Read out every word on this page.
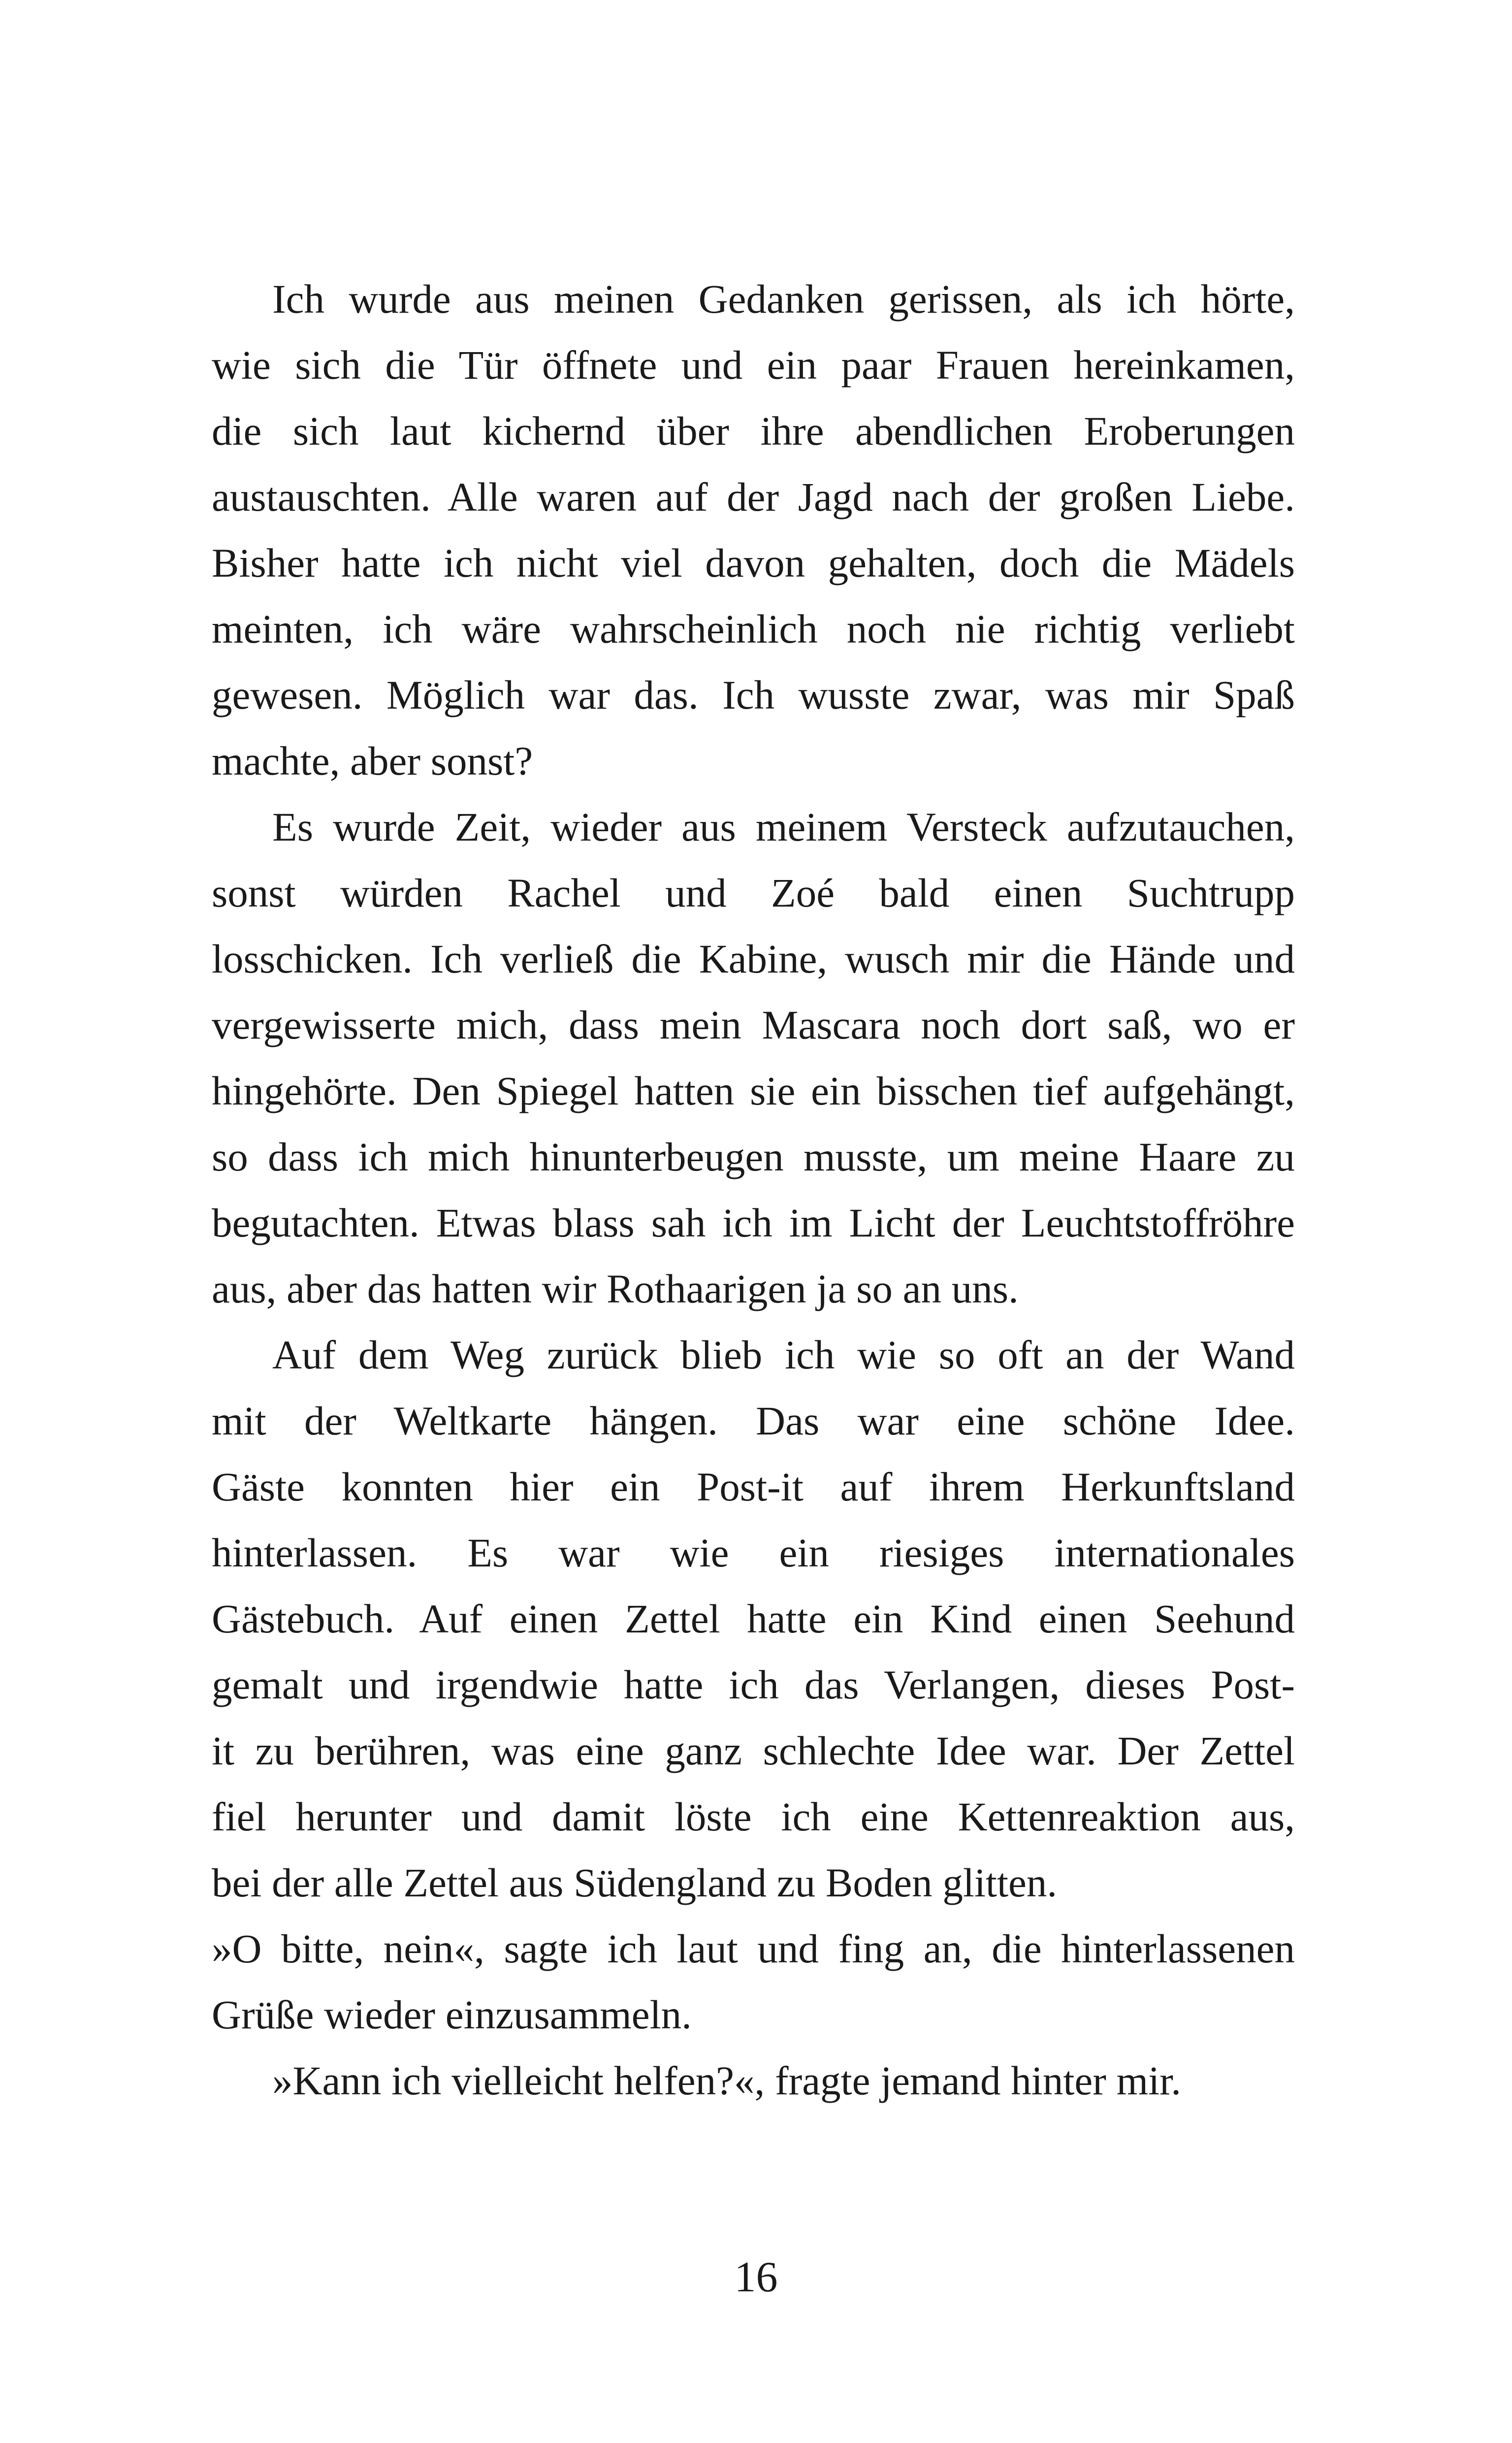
Ich wurde aus meinen Gedanken gerissen, als ich hörte,
wie sich die Tür öffnete und ein paar Frauen hereinkamen,
die sich laut kichernd über ihre abendlichen Eroberungen
austauschten. Alle waren auf der Jagd nach der großen Liebe.
Bisher hatte ich nicht viel davon gehalten, doch die Mädels
meinten, ich wäre wahrscheinlich noch nie richtig verliebt
gewesen. Möglich war das. Ich wusste zwar, was mir Spaß
machte, aber sonst?
Es wurde Zeit, wieder aus meinem Versteck aufzutauchen,
sonst würden Rachel und Zoé bald einen Suchtrupp
losschicken. Ich verließ die Kabine, wusch mir die Hände und
vergewisserte mich, dass mein Mascara noch dort saß, wo er
hingehörte. Den Spiegel hatten sie ein bisschen tief aufgehängt,
so dass ich mich hinunterbeugen musste, um meine Haare zu
begutachten. Etwas blass sah ich im Licht der Leuchtstoffröhre
aus, aber das hatten wir Rothaarigen ja so an uns.
Auf dem Weg zurück blieb ich wie so oft an der Wand
mit der Weltkarte hängen. Das war eine schöne Idee.
Gäste konnten hier ein Post-it auf ihrem Herkunftsland
hinterlassen. Es war wie ein riesiges internationales
Gästebuch. Auf einen Zettel hatte ein Kind einen Seehund
gemalt und irgendwie hatte ich das Verlangen, dieses Post-
it zu berühren, was eine ganz schlechte Idee war. Der Zettel
fiel herunter und damit löste ich eine Kettenreaktion aus,
bei der alle Zettel aus Südengland zu Boden glitten.
»O bitte, nein«, sagte ich laut und fing an, die hinterlassenen
Grüße wieder einzusammeln.
»Kann ich vielleicht helfen?«, fragte jemand hinter mir.
16
